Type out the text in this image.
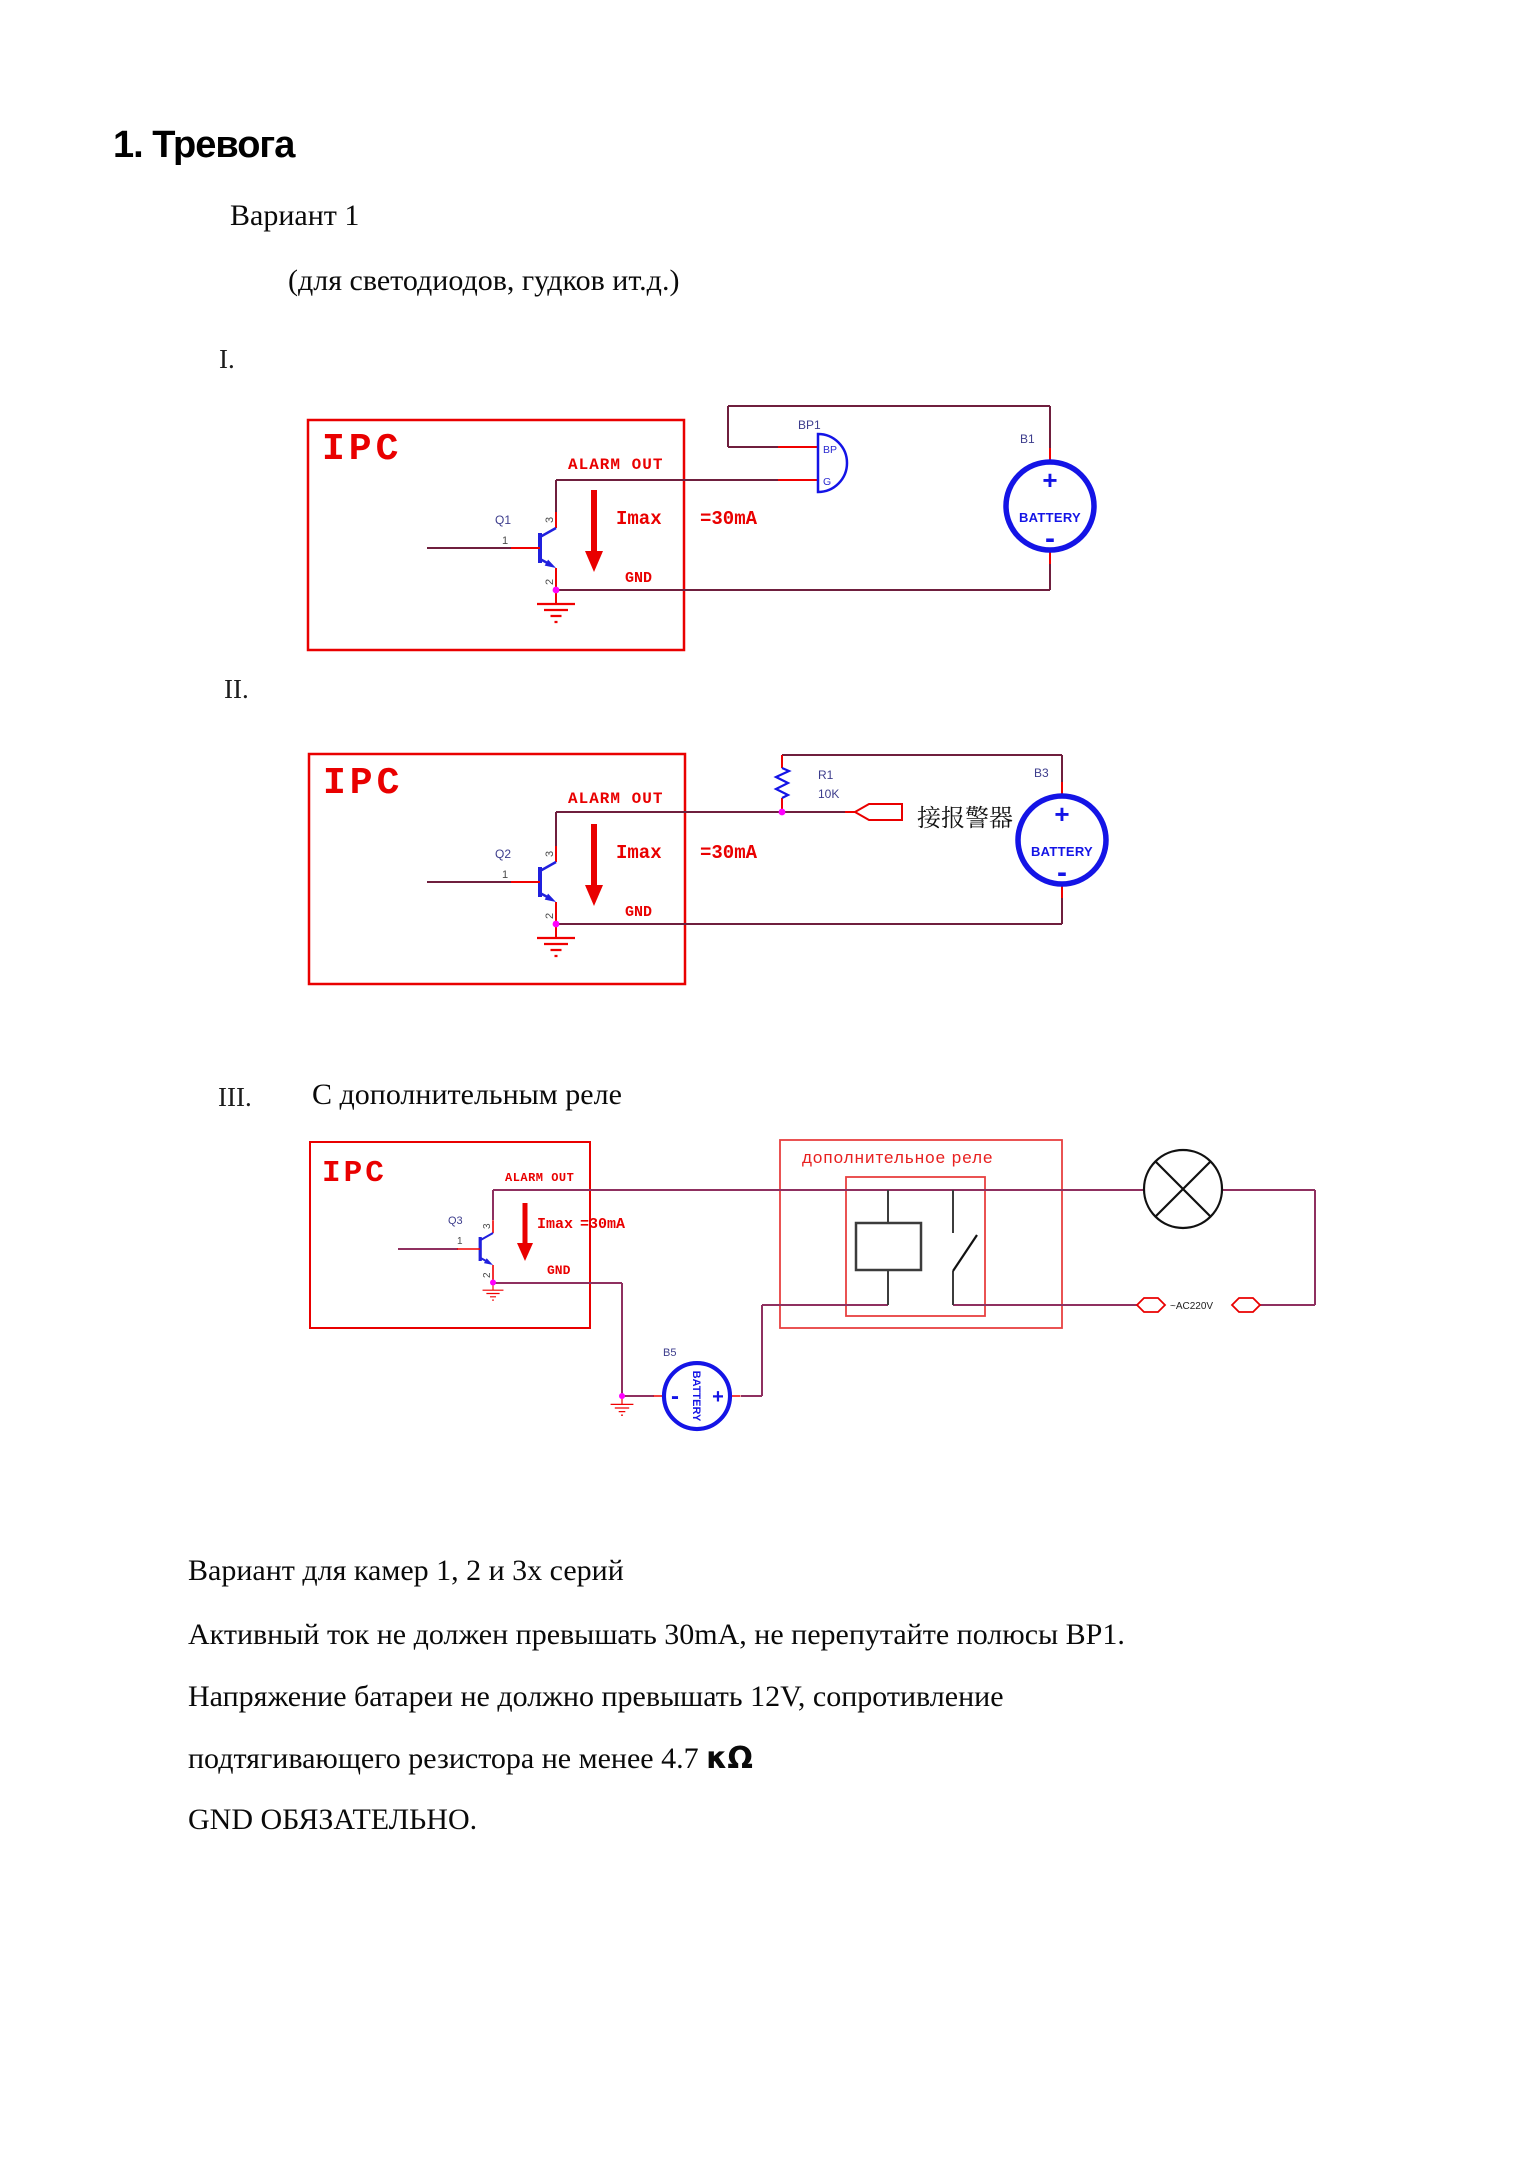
1. Тревога
Вариант 1
(для светодиодов, гудков ит.д.)
I.
II.
III. С дополнительным реле
IPC	ALARM OUT
Imax =30mA
GND
Q1
1
3
2
BP1
BP
G
B1
+
BATTERY
-
IPC	ALARM OUT
Imax =30mA
GND
Q2
1
3
2
R1
10K
接报警器
B3
+
BATTERY
-
IPC	ALARM OUT
Imax =30mA
GND
Q3
1
3
2
дополнительное реле
B5
+
BATTERY
-
~AC220V
Вариант для камер 1, 2 и 3х серий
Активный ток не должен превышать 30mA, не перепутайте полюсы BP1.
Напряжение батареи не должно превышать 12V, сопротивление
подтягивающего резистора не менее 4.7 κΩ
GND ОБЯЗАТЕЛЬНО.
